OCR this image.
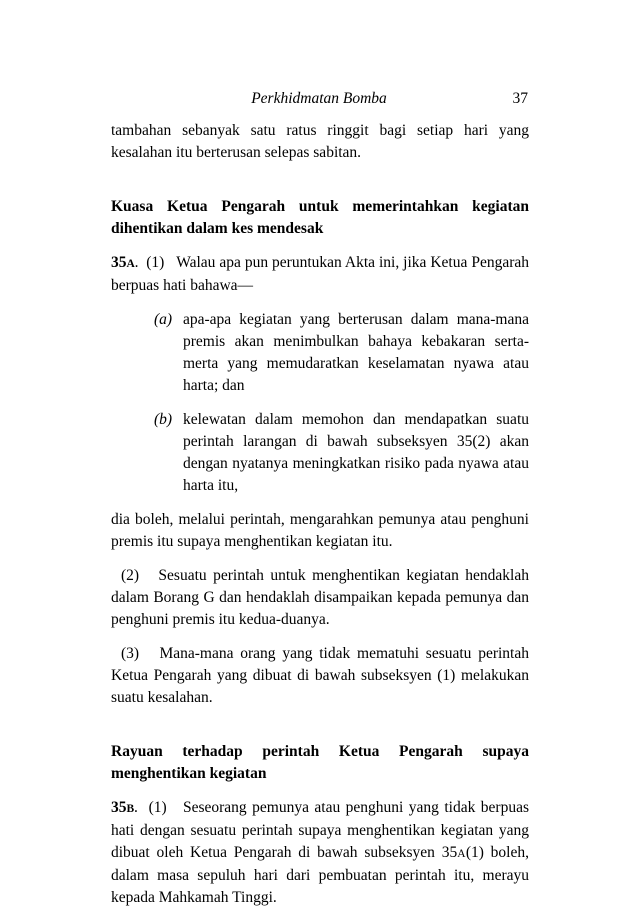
Perkhidmatan Bomba	37

tambahan sebanyak satu ratus ringgit bagi setiap hari yang kesalahan itu berterusan selepas sabitan.

Kuasa Ketua Pengarah untuk memerintahkan kegiatan dihentikan dalam kes mendesak

35A. (1) Walau apa pun peruntukan Akta ini, jika Ketua Pengarah berpuas hati bahawa—

(a) apa-apa kegiatan yang berterusan dalam mana-mana premis akan menimbulkan bahaya kebakaran serta-merta yang memudaratkan keselamatan nyawa atau harta; dan
(b) kelewatan dalam memohon dan mendapatkan suatu perintah larangan di bawah subseksyen 35(2) akan dengan nyatanya meningkatkan risiko pada nyawa atau harta itu,

dia boleh, melalui perintah, mengarahkan pemunya atau penghuni premis itu supaya menghentikan kegiatan itu.

(2)   Sesuatu perintah untuk menghentikan kegiatan hendaklah dalam Borang G dan hendaklah disampaikan kepada pemunya dan penghuni premis itu kedua-duanya.

(3)   Mana-mana orang yang tidak mematuhi sesuatu perintah Ketua Pengarah yang dibuat di bawah subseksyen (1) melakukan suatu kesalahan.

Rayuan terhadap perintah Ketua Pengarah supaya menghentikan kegiatan

35B. (1) Seseorang pemunya atau penghuni yang tidak berpuas hati dengan sesuatu perintah supaya menghentikan kegiatan yang dibuat oleh Ketua Pengarah di bawah subseksyen 35A(1) boleh, dalam masa sepuluh hari dari pembuatan perintah itu, merayu kepada Mahkamah Tinggi.
